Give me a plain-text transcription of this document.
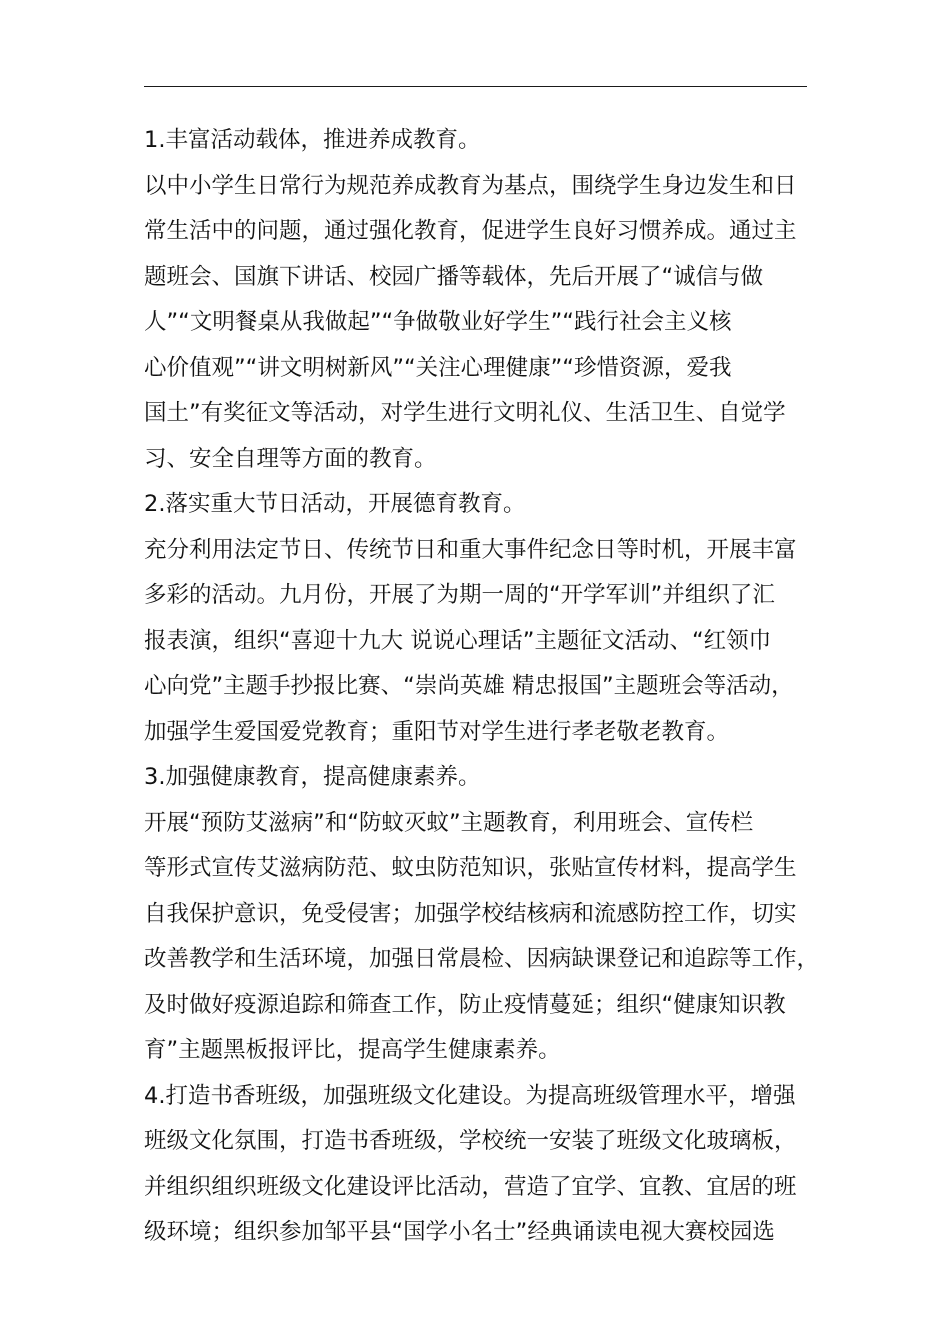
1.丰富活动载体，推进养成教育。
以中小学生日常行为规范养成教育为基点，围绕学生身边发生和日
常生活中的问题，通过强化教育，促进学生良好习惯养成。通过主
题班会、国旗下讲话、校园广播等载体，先后开展了“诚信与做
人”“文明餐桌从我做起”“争做敬业好学生”“践行社会主义核
心价值观”“讲文明树新风”“关注心理健康”“珍惜资源，爱我
国土”有奖征文等活动，对学生进行文明礼仪、生活卫生、自觉学
习、安全自理等方面的教育。
2.落实重大节日活动，开展德育教育。
充分利用法定节日、传统节日和重大事件纪念日等时机，开展丰富
多彩的活动。九月份，开展了为期一周的“开学军训”并组织了汇
报表演，组织“喜迎十九大 说说心理话”主题征文活动、“红领巾
心向党”主题手抄报比赛、“崇尚英雄 精忠报国”主题班会等活动，
加强学生爱国爱党教育；重阳节对学生进行孝老敬老教育。
3.加强健康教育，提高健康素养。
开展“预防艾滋病”和“防蚊灭蚊”主题教育，利用班会、宣传栏
等形式宣传艾滋病防范、蚊虫防范知识，张贴宣传材料，提高学生
自我保护意识，免受侵害；加强学校结核病和流感防控工作，切实
改善教学和生活环境，加强日常晨检、因病缺课登记和追踪等工作，
及时做好疫源追踪和筛查工作，防止疫情蔓延；组织“健康知识教
育”主题黑板报评比，提高学生健康素养。
4.打造书香班级，加强班级文化建设。为提高班级管理水平，增强
班级文化氛围，打造书香班级，学校统一安装了班级文化玻璃板，
并组织组织班级文化建设评比活动，营造了宜学、宜教、宜居的班
级环境；组织参加邹平县“国学小名士”经典诵读电视大赛校园选
